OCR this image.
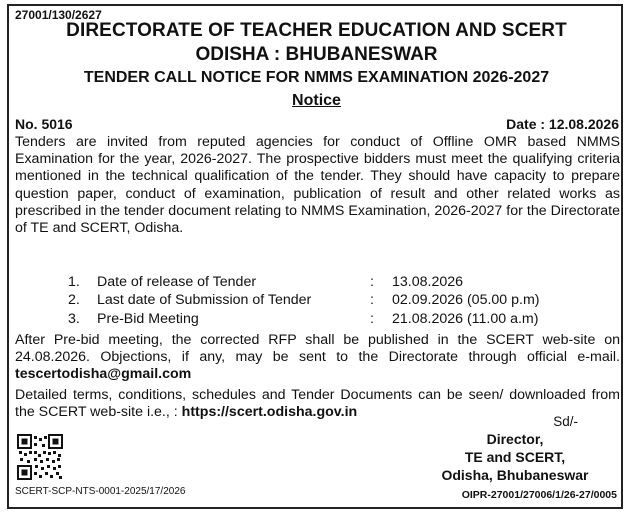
27001/130/2627
DIRECTORATE OF TEACHER EDUCATION AND SCERT
ODISHA : BHUBANESWAR
TENDER CALL NOTICE FOR NMMS EXAMINATION 2026-2027
Notice
No. 5016	Date : 12.08.2026
Tenders are invited from reputed agencies for conduct of Offline OMR based NMMS Examination for the year, 2026-2027. The prospective bidders must meet the qualifying criteria mentioned in the technical qualification of the tender. They should have capacity to prepare question paper, conduct of examination, publication of result and other related works as prescribed in the tender document relating to NMMS Examination, 2026-2027 for the Directorate of TE and SCERT, Odisha.
1. Date of release of Tender	: 13.08.2026
2. Last date of Submission of Tender	: 02.09.2026 (05.00 p.m)
After Pre-bid meeting, the corrected RFP shall be published in the SCERT web-site on 24.08.2026. Objections, if any, may be sent to the Directorate through official e-mail. tescertodisha@gmail.com
3. Pre-Bid Meeting	: 21.08.2026 (11.00 a.m)
Detailed terms, conditions, schedules and Tender Documents can be seen/ downloaded from the SCERT web-site i.e., : https://scert.odisha.gov.in
Sd/-
Director,
TE and SCERT,
Odisha, Bhubaneswar
SCERT-SCP-NTS-0001-2025/17/2026	OIPR-27001/27006/1/26-27/0005
